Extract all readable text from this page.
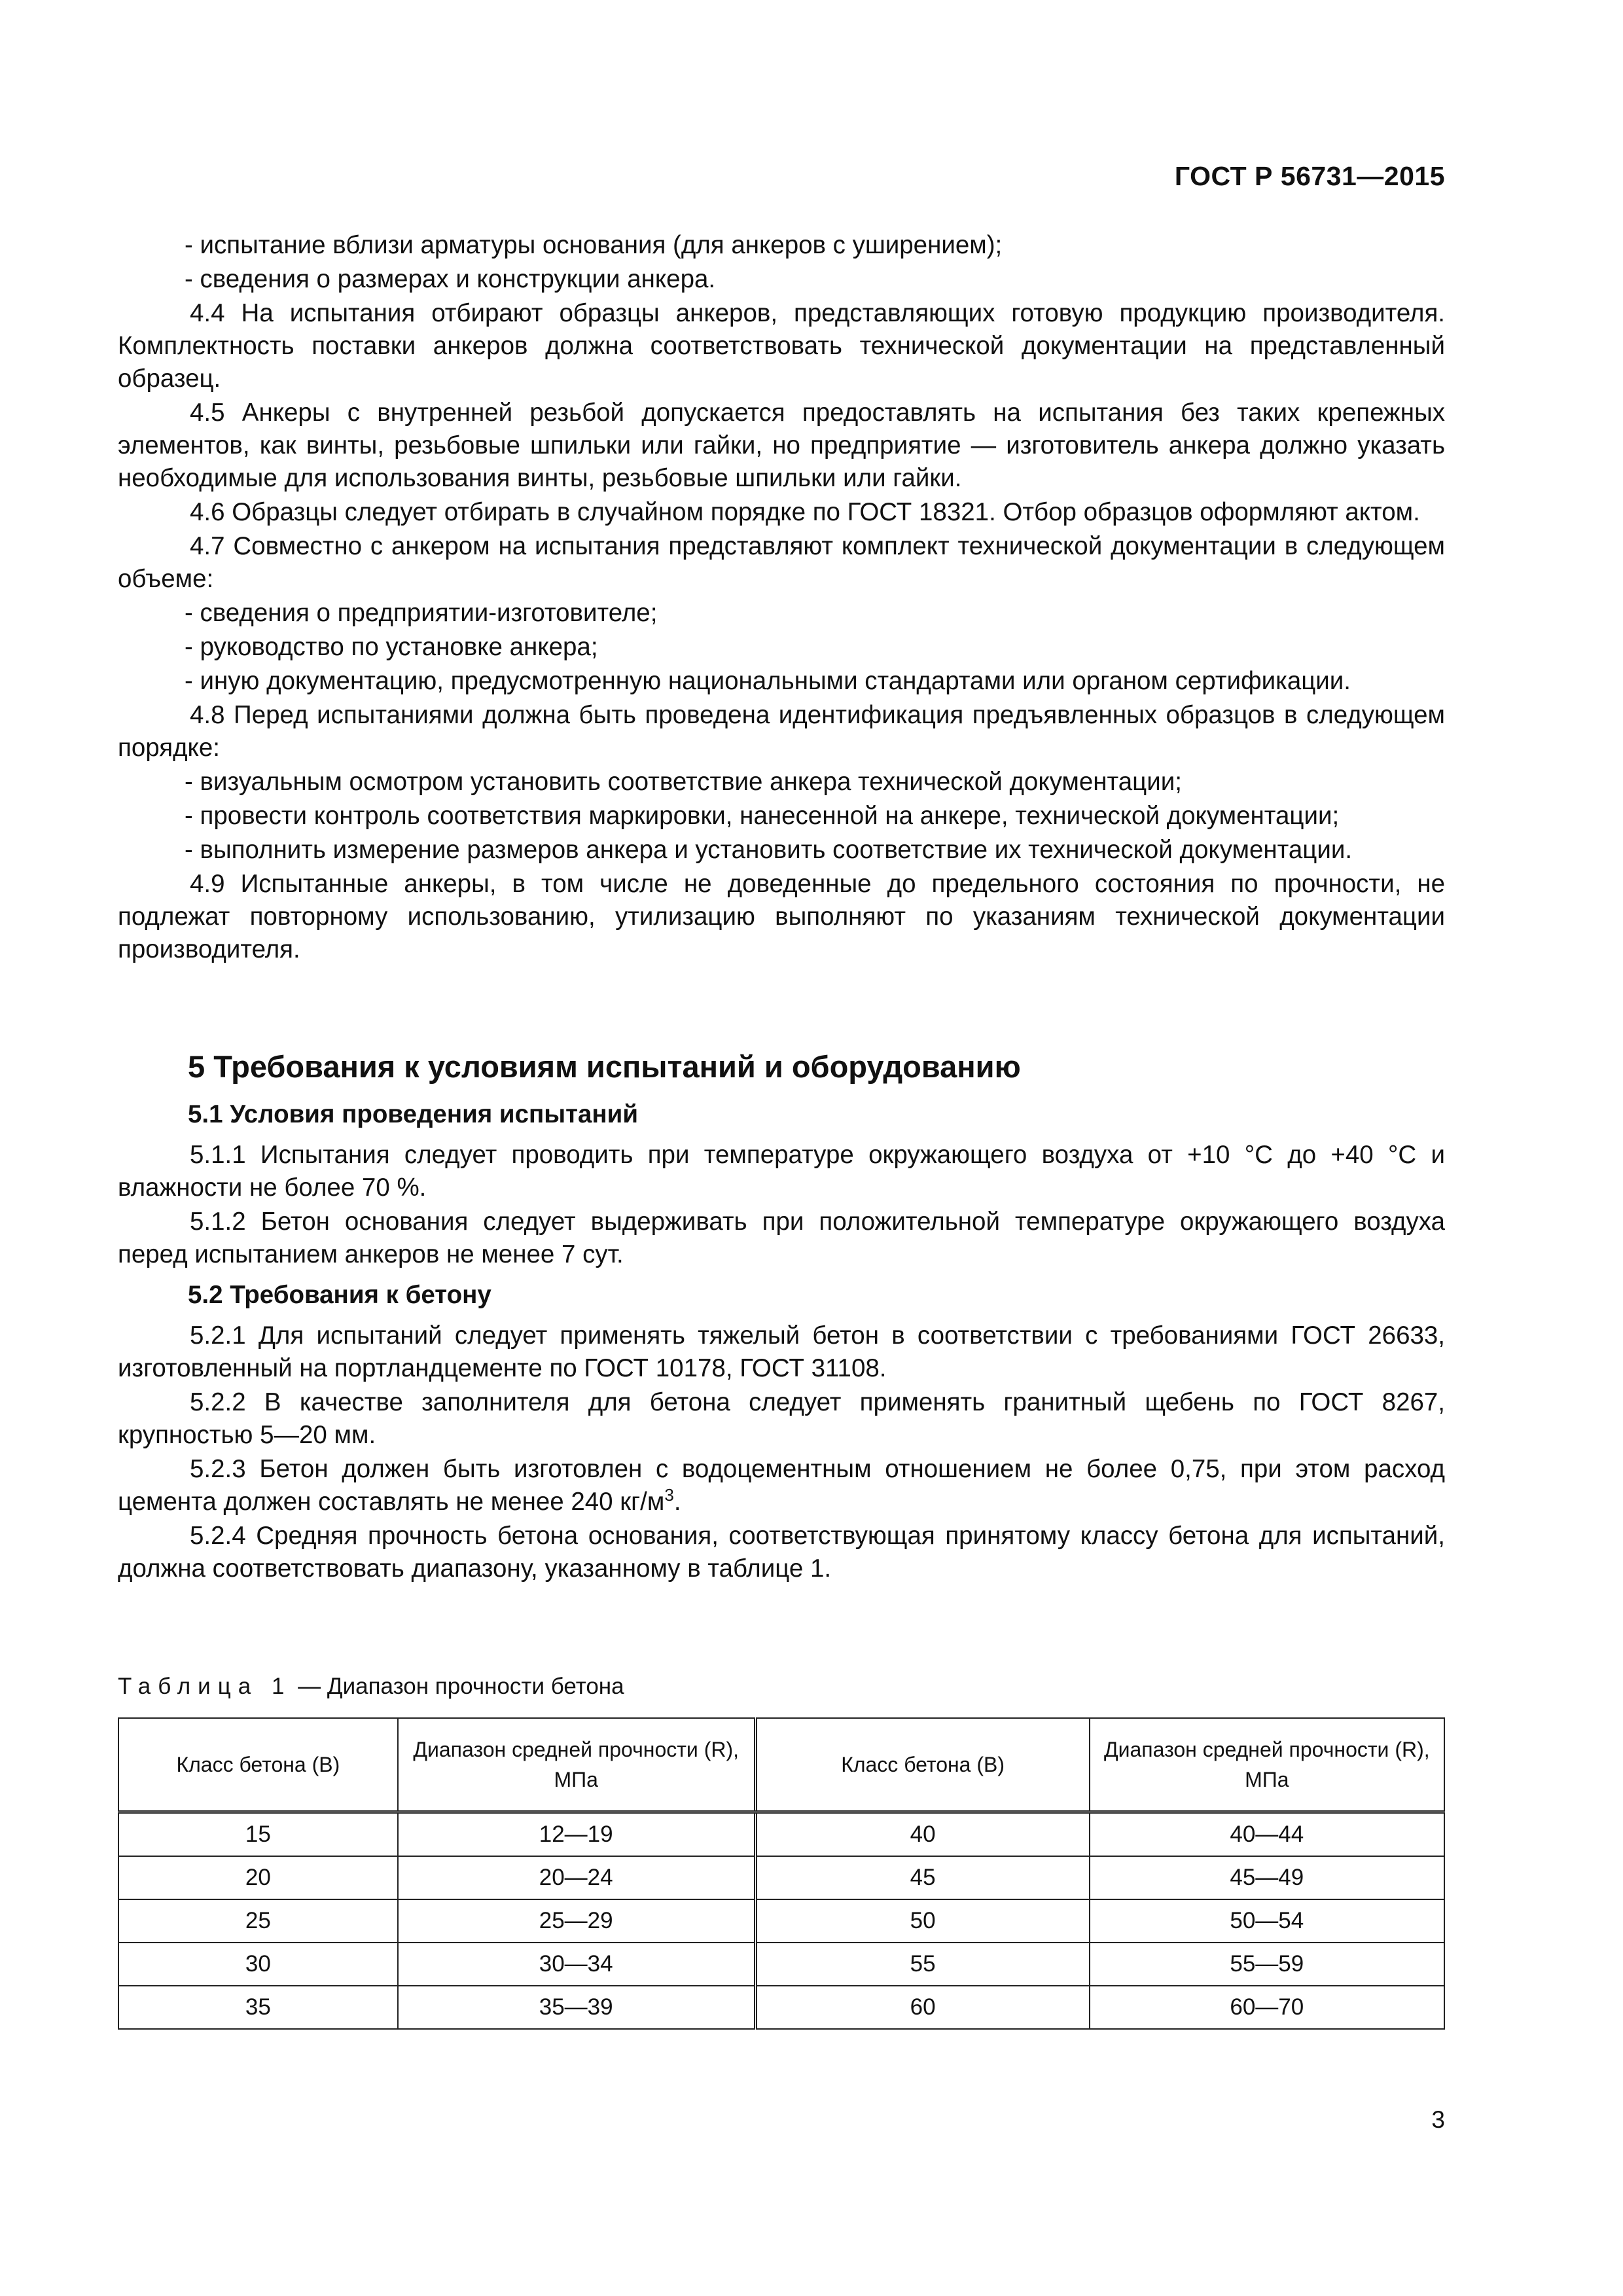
ГОСТ Р 56731—2015

- испытание вблизи арматуры основания (для анкеров с уширением);

- сведения о размерах и конструкции анкера.

4.4 На испытания отбирают образцы анкеров, представляющих готовую продукцию производителя. Комплектность поставки анкеров должна соответствовать технической документации на представленный образец.

4.5 Анкеры с внутренней резьбой допускается предоставлять на испытания без таких крепежных элементов, как винты, резьбовые шпильки или гайки, но предприятие — изготовитель анкера должно указать необходимые для использования винты, резьбовые шпильки или гайки.

4.6 Образцы следует отбирать в случайном порядке по ГОСТ 18321. Отбор образцов оформляют актом.

4.7 Совместно с анкером на испытания представляют комплект технической документации в следующем объеме:

- сведения о предприятии-изготовителе;

- руководство по установке анкера;

- иную документацию, предусмотренную национальными стандартами или органом сертификации.

4.8 Перед испытаниями должна быть проведена идентификация предъявленных образцов в следующем порядке:

- визуальным осмотром установить соответствие анкера технической документации;

- провести контроль соответствия маркировки, нанесенной на анкере, технической документации;

- выполнить измерение размеров анкера и установить соответствие их технической документации.

4.9 Испытанные анкеры, в том числе не доведенные до предельного состояния по прочности, не подлежат повторному использованию, утилизацию выполняют по указаниям технической документации производителя.

5 Требования к условиям испытаний и оборудованию

5.1 Условия проведения испытаний

5.1.1 Испытания следует проводить при температуре окружающего воздуха от +10 °С до +40 °С и влажности не более 70 %.

5.1.2 Бетон основания следует выдерживать при положительной температуре окружающего воздуха перед испытанием анкеров не менее 7 сут.

5.2 Требования к бетону

5.2.1 Для испытаний следует применять тяжелый бетон в соответствии с требованиями ГОСТ 26633, изготовленный на портландцементе по ГОСТ 10178, ГОСТ 31108.

5.2.2 В качестве заполнителя для бетона следует применять гранитный щебень по ГОСТ 8267, крупностью 5—20 мм.

5.2.3 Бетон должен быть изготовлен с водоцементным отношением не более 0,75, при этом расход цемента должен составлять не менее 240 $кг/м^3$.

5.2.4 Средняя прочность бетона основания, соответствующая принятому классу бетона для испытаний, должна соответствовать диапазону, указанному в таблице 1.

Таблица 1 — Диапазон прочности бетона
Класс бетона (В)	Диапазон средней прочности (R), МПа	Класс бетона (В)	Диапазон средней прочности (R), МПа
15	12—19	40	40—44
20	20—24	45	45—49
25	25—29	50	50—54
30	30—34	55	55—59
35	35—39	60	60—70
3
